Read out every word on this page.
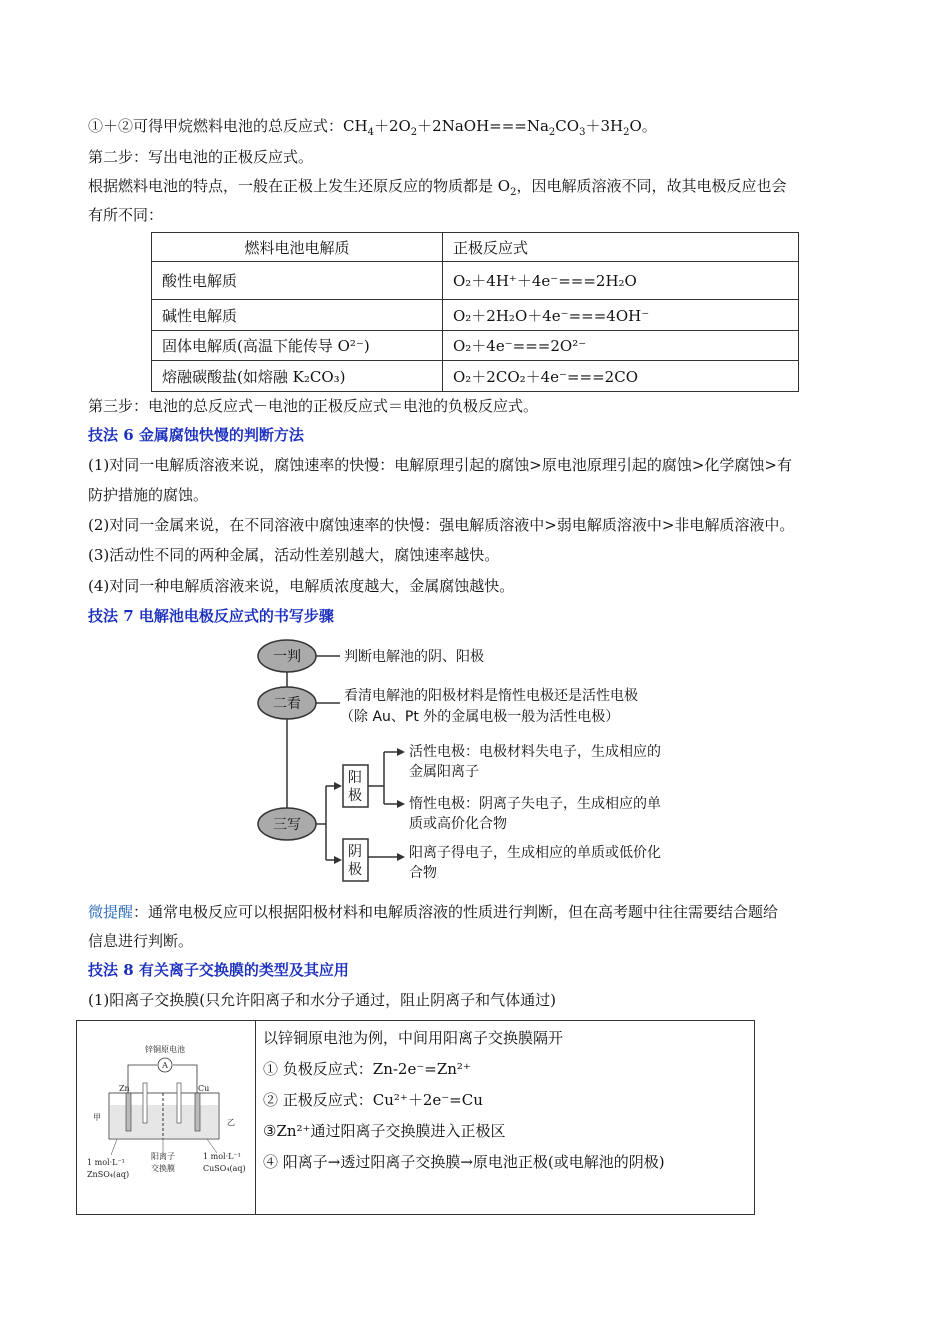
①＋②可得甲烷燃料电池的总反应式：$CH_4+2O_2+2NaOH===Na_2CO_3+3H_2O$。
第二步：写出电池的正极反应式。
根据燃料电池的特点，一般在正极上发生还原反应的物质都是 $O_2$，因电解质溶液不同，故其电极反应也会
有所不同：
燃料电池电解质	正极反应式
酸性电解质	O₂＋4H⁺＋4e⁻===2H₂O
碱性电解质	O₂＋2H₂O＋4e⁻===4OH⁻
固体电解质(高温下能传导 O²⁻)	O₂＋4e⁻===2O²⁻
熔融碳酸盐(如熔融 K₂CO₃)	O₂＋2CO₂＋4e⁻===2CO
第三步：电池的总反应式－电池的正极反应式＝电池的负极反应式。
技法 6 金属腐蚀快慢的判断方法
(1)对同一电解质溶液来说，腐蚀速率的快慢：电解原理引起的腐蚀>原电池原理引起的腐蚀>化学腐蚀>有
防护措施的腐蚀。
(2)对同一金属来说，在不同溶液中腐蚀速率的快慢：强电解质溶液中>弱电解质溶液中>非电解质溶液中。
(3)活动性不同的两种金属，活动性差别越大，腐蚀速率越快。
(4)对同一种电解质溶液来说，电解质浓度越大，金属腐蚀越快。
技法 7 电解池电极反应式的书写步骤
一判	判断电解池的阴、阳极
二看	看清电解池的阳极材料是惰性电极还是活性电极
（除 Au、Pt 外的金属电极一般为活性电极）
三写
阳
极
活性电极：电极材料失电子，生成相应的
金属阳离子
惰性电极：阴离子失电子，生成相应的单
质或高价化合物
阴
极
阳离子得电子，生成相应的单质或低价化
合物
微提醒：通常电极反应可以根据阳极材料和电解质溶液的性质进行判断，但在高考题中往往需要结合题给
信息进行判断。
技法 8 有关离子交换膜的类型及其应用
(1)阳离子交换膜(只允许阳离子和水分子通过，阻止阴离子和气体通过)
锌铜原电池
A
Zn	Cu
甲
乙
1 mol·L⁻¹
ZnSO₄(aq)
阳离子
交换膜
1 mol·L⁻¹
CuSO₄(aq)
以锌铜原电池为例，中间用阳离子交换膜隔开
① 负极反应式：Zn-2e⁻=Zn²⁺
② 正极反应式：Cu²⁺＋2e⁻=Cu
③Zn²⁺通过阳离子交换膜进入正极区
④ 阳离子→透过阳离子交换膜→原电池正极(或电解池的阴极)
